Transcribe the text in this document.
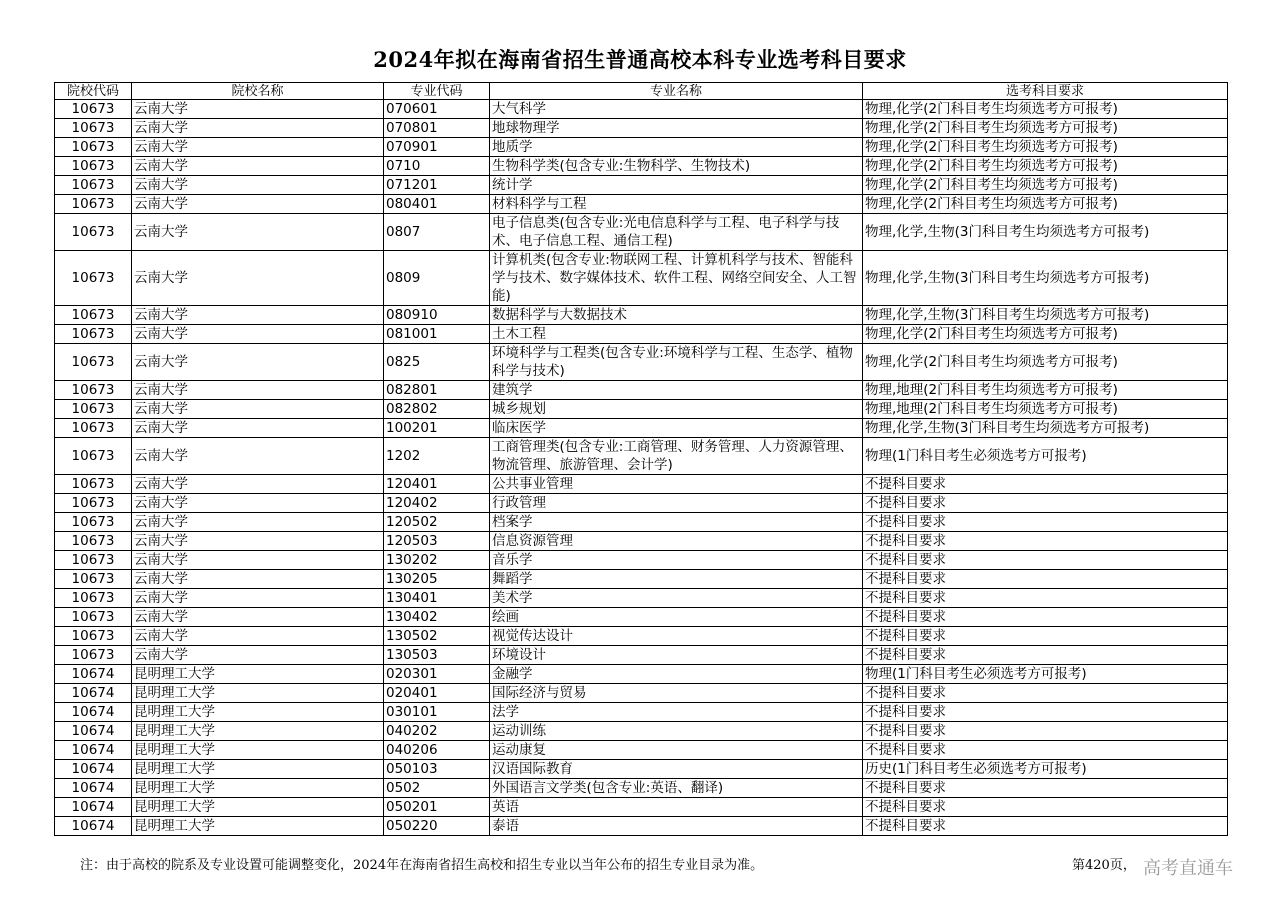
2024年拟在海南省招生普通高校本科专业选考科目要求
院校代码	院校名称	专业代码	专业名称	选考科目要求
10673	云南大学	070601	大气科学	物理,化学(2门科目考生均须选考方可报考)
10673	云南大学	070801	地球物理学	物理,化学(2门科目考生均须选考方可报考)
10673	云南大学	070901	地质学	物理,化学(2门科目考生均须选考方可报考)
10673	云南大学	0710	生物科学类(包含专业:生物科学、生物技术)	物理,化学(2门科目考生均须选考方可报考)
10673	云南大学	071201	统计学	物理,化学(2门科目考生均须选考方可报考)
10673	云南大学	080401	材料科学与工程	物理,化学(2门科目考生均须选考方可报考)
10673	云南大学	0807	电子信息类(包含专业:光电信息科学与工程、电子科学与技术、电子信息工程、通信工程)	物理,化学,生物(3门科目考生均须选考方可报考)
10673	云南大学	0809	计算机类(包含专业:物联网工程、计算机科学与技术、智能科学与技术、数字媒体技术、软件工程、网络空间安全、人工智能)	物理,化学,生物(3门科目考生均须选考方可报考)
10673	云南大学	080910	数据科学与大数据技术	物理,化学,生物(3门科目考生均须选考方可报考)
10673	云南大学	081001	土木工程	物理,化学(2门科目考生均须选考方可报考)
10673	云南大学	0825	环境科学与工程类(包含专业:环境科学与工程、生态学、植物科学与技术)	物理,化学(2门科目考生均须选考方可报考)
10673	云南大学	082801	建筑学	物理,地理(2门科目考生均须选考方可报考)
10673	云南大学	082802	城乡规划	物理,地理(2门科目考生均须选考方可报考)
10673	云南大学	100201	临床医学	物理,化学,生物(3门科目考生均须选考方可报考)
10673	云南大学	1202	工商管理类(包含专业:工商管理、财务管理、人力资源管理、物流管理、旅游管理、会计学)	物理(1门科目考生必须选考方可报考)
10673	云南大学	120401	公共事业管理	不提科目要求
10673	云南大学	120402	行政管理	不提科目要求
10673	云南大学	120502	档案学	不提科目要求
10673	云南大学	120503	信息资源管理	不提科目要求
10673	云南大学	130202	音乐学	不提科目要求
10673	云南大学	130205	舞蹈学	不提科目要求
10673	云南大学	130401	美术学	不提科目要求
10673	云南大学	130402	绘画	不提科目要求
10673	云南大学	130502	视觉传达设计	不提科目要求
10673	云南大学	130503	环境设计	不提科目要求
10674	昆明理工大学	020301	金融学	物理(1门科目考生必须选考方可报考)
10674	昆明理工大学	020401	国际经济与贸易	不提科目要求
10674	昆明理工大学	030101	法学	不提科目要求
10674	昆明理工大学	040202	运动训练	不提科目要求
10674	昆明理工大学	040206	运动康复	不提科目要求
10674	昆明理工大学	050103	汉语国际教育	历史(1门科目考生必须选考方可报考)
10674	昆明理工大学	0502	外国语言文学类(包含专业:英语、翻译)	不提科目要求
10674	昆明理工大学	050201	英语	不提科目要求
10674	昆明理工大学	050220	泰语	不提科目要求
注：由于高校的院系及专业设置可能调整变化，2024年在海南省招生高校和招生专业以当年公布的招生专业目录为准。	第420页， 高考直通车
